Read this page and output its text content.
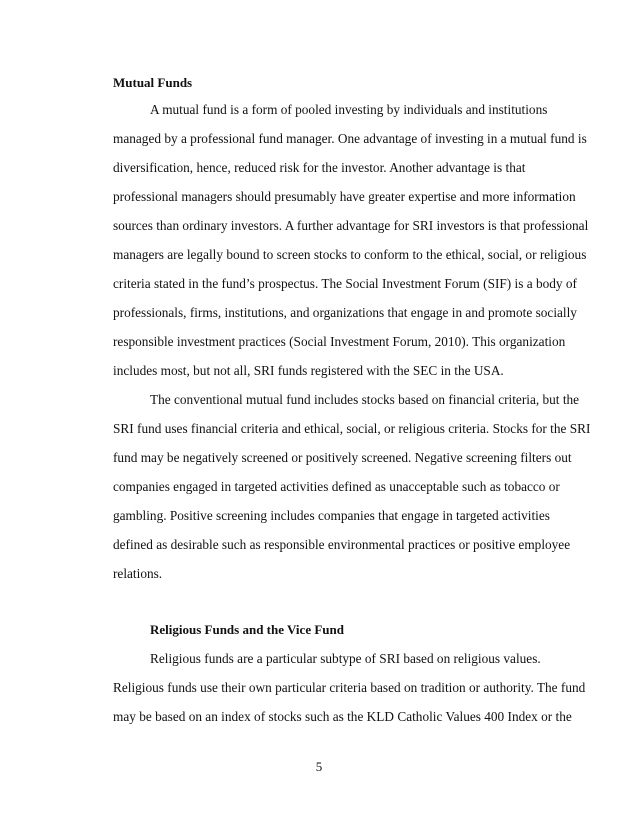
Mutual Funds
A mutual fund is a form of pooled investing by individuals and institutions
managed by a professional fund manager. One advantage of investing in a mutual fund is
diversification, hence, reduced risk for the investor. Another advantage is that
professional managers should presumably have greater expertise and more information
sources than ordinary investors. A further advantage for SRI investors is that professional
managers are legally bound to screen stocks to conform to the ethical, social, or religious
criteria stated in the fund’s prospectus. The Social Investment Forum (SIF) is a body of
professionals, firms, institutions, and organizations that engage in and promote socially
responsible investment practices (Social Investment Forum, 2010). This organization
includes most, but not all, SRI funds registered with the SEC in the USA.
The conventional mutual fund includes stocks based on financial criteria, but the
SRI fund uses financial criteria and ethical, social, or religious criteria. Stocks for the SRI
fund may be negatively screened or positively screened. Negative screening filters out
companies engaged in targeted activities defined as unacceptable such as tobacco or
gambling. Positive screening includes companies that engage in targeted activities
defined as desirable such as responsible environmental practices or positive employee
relations.
Religious Funds and the Vice Fund
Religious funds are a particular subtype of SRI based on religious values.
Religious funds use their own particular criteria based on tradition or authority. The fund
may be based on an index of stocks such as the KLD Catholic Values 400 Index or the
5
